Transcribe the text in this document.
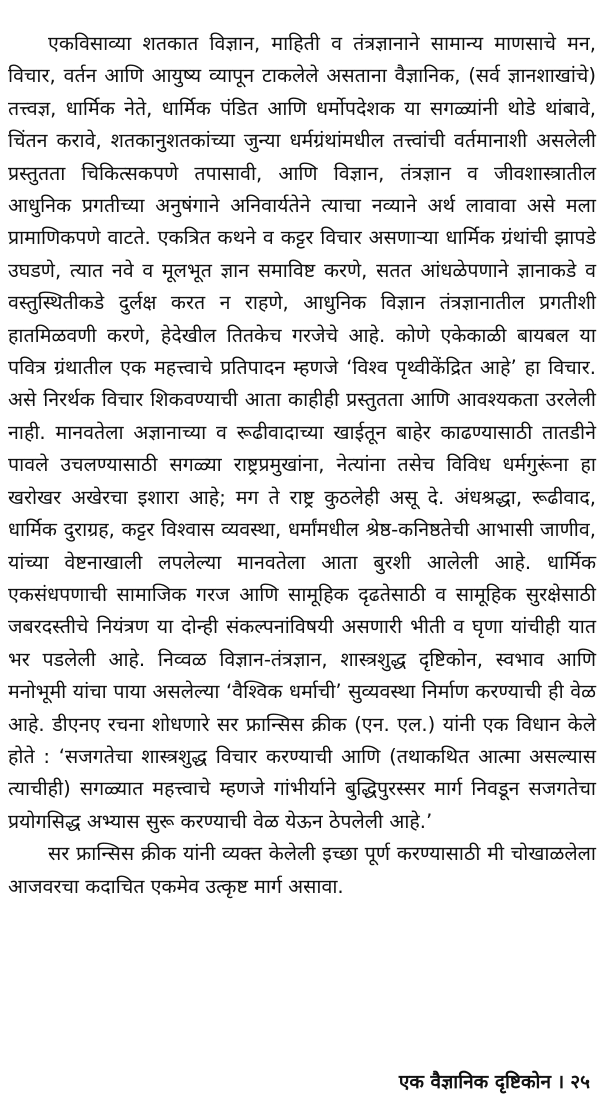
एकविसाव्या शतकात विज्ञान, माहिती व तंत्रज्ञानाने सामान्य माणसाचे मन, विचार, वर्तन आणि आयुष्य व्यापून टाकलेले असताना वैज्ञानिक, (सर्व ज्ञानशाखांचे) तत्त्वज्ञ, धार्मिक नेते, धार्मिक पंडित आणि धर्मोपदेशक या सगळ्यांनी थोडे थांबावे, चिंतन करावे, शतकानुशतकांच्या जुन्या धर्मग्रंथांमधील तत्त्वांची वर्तमानाशी असलेली प्रस्तुतता चिकित्सकपणे तपासावी, आणि विज्ञान, तंत्रज्ञान व जीवशास्त्रातील आधुनिक प्रगतीच्या अनुषंगाने अनिवार्यतेने त्याचा नव्याने अर्थ लावावा असे मला प्रामाणिकपणे वाटते. एकत्रित कथने व कट्टर विचार असणाऱ्या धार्मिक ग्रंथांची झापडे उघडणे, त्यात नवे व मूलभूत ज्ञान समाविष्ट करणे, सतत आंधळेपणाने ज्ञानाकडे व वस्तुस्थितीकडे दुर्लक्ष करत न राहणे, आधुनिक विज्ञान तंत्रज्ञानातील प्रगतीशी हातमिळवणी करणे, हेदेखील तितकेच गरजेचे आहे. कोणे एकेकाळी बायबल या पवित्र ग्रंथातील एक महत्त्वाचे प्रतिपादन म्हणजे ‘विश्व पृथ्वीकेंद्रित आहे’ हा विचार. असे निरर्थक विचार शिकवण्याची आता काहीही प्रस्तुतता आणि आवश्यकता उरलेली नाही. मानवतेला अज्ञानाच्या व रूढीवादाच्या खाईतून बाहेर काढण्यासाठी तातडीने पावले उचलण्यासाठी सगळ्या राष्ट्रप्रमुखांना, नेत्यांना तसेच विविध धर्मगुरूंना हा खरोखर अखेरचा इशारा आहे; मग ते राष्ट्र कुठलेही असू दे. अंधश्रद्धा, रूढीवाद, धार्मिक दुराग्रह, कट्टर विश्वास व्यवस्था, धर्मांमधील श्रेष्ठ-कनिष्ठतेची आभासी जाणीव, यांच्या वेष्टनाखाली लपलेल्या मानवतेला आता बुरशी आलेली आहे. धार्मिक एकसंधपणाची सामाजिक गरज आणि सामूहिक दृढतेसाठी व सामूहिक सुरक्षेसाठी जबरदस्तीचे नियंत्रण या दोन्ही संकल्पनांविषयी असणारी भीती व घृणा यांचीही यात भर पडलेली आहे. निव्वळ विज्ञान-तंत्रज्ञान, शास्त्रशुद्ध दृष्टिकोन, स्वभाव आणि मनोभूमी यांचा पाया असलेल्या ‘वैश्विक धर्माची’ सुव्यवस्था निर्माण करण्याची ही वेळ आहे. डीएनए रचना शोधणारे सर फ्रान्सिस क्रीक (एन. एल.) यांनी एक विधान केले होते : ‘सजगतेचा शास्त्रशुद्ध विचार करण्याची आणि (तथाकथित आत्मा असल्यास त्याचीही) सगळ्यात महत्त्वाचे म्हणजे गांभीर्याने बुद्धिपुरस्सर मार्ग निवडून सजगतेचा प्रयोगसिद्ध अभ्यास सुरू करण्याची वेळ येऊन ठेपलेली आहे.’

सर फ्रान्सिस क्रीक यांनी व्यक्त केलेली इच्छा पूर्ण करण्यासाठी मी चोखाळलेला आजवरचा कदाचित एकमेव उत्कृष्ट मार्ग असावा.

एक वैज्ञानिक दृष्टिकोन । २५
